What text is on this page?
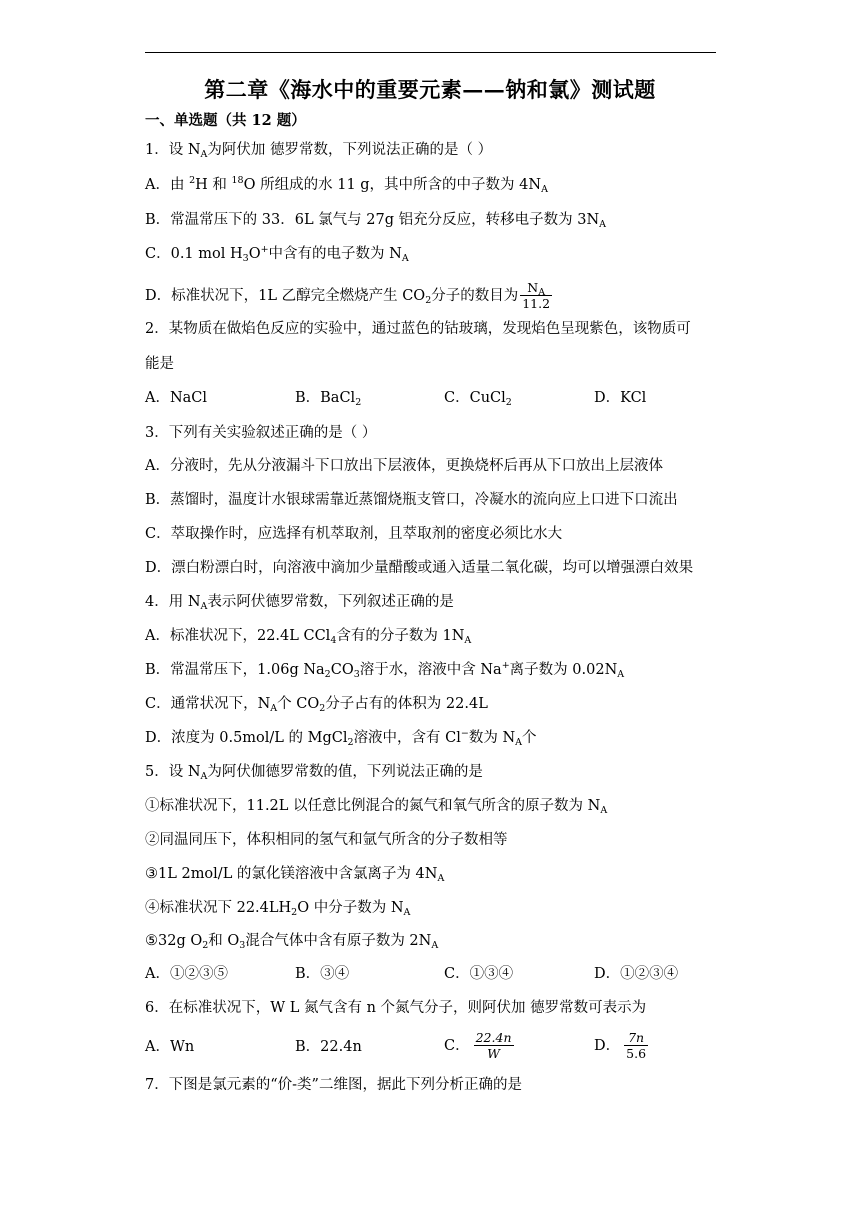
第二章《海水中的重要元素——钠和氯》测试题
一、单选题（共 12 题）
1．设 $N_A$为阿伏加 德罗常数，下列说法正确的是（ ）
A．由 $^2$H 和 $^{18}$O 所组成的水 11 g，其中所含的中子数为 $4N_A$
B．常温常压下的 33．6L 氯气与 27g 铝充分反应，转移电子数为 $3N_A$
C．0.1 mol $H_3O^+$中含有的电子数为 $N_A$
D．标准状况下，1L 乙醇完全燃烧产生 $CO_2$分子的数目为 $\frac{N_A}{11.2}$
2．某物质在做焰色反应的实验中，通过蓝色的钴玻璃，发现焰色呈现紫色，该物质可
能是
A．NaCl	B．BaCl$_2$	C．CuCl$_2$	D．KCl
3．下列有关实验叙述正确的是（ ）
A．分液时，先从分液漏斗下口放出下层液体，更换烧杯后再从下口放出上层液体
B．蒸馏时，温度计水银球需靠近蒸馏烧瓶支管口，冷凝水的流向应上口进下口流出
C．萃取操作时，应选择有机萃取剂，且萃取剂的密度必须比水大
D．漂白粉漂白时，向溶液中滴加少量醋酸或通入适量二氧化碳，均可以增强漂白效果
4．用 $N_A$表示阿伏德罗常数，下列叙述正确的是
A．标准状况下，22.4L CCl$_4$含有的分子数为 $1N_A$
B．常温常压下，1.06g $Na_2CO_3$溶于水，溶液中含 Na+离子数为 $0.02N_A$
C．通常状况下，$N_A$个 $CO_2$分子占有的体积为 22.4L
D．浓度为 0.5mol/L 的 MgCl$_2$溶液中，含有 Cl−数为 $N_A$个
5．设 $N_A$为阿伏伽德罗常数的值，下列说法正确的是
①标准状况下，11.2L 以任意比例混合的氮气和氧气所含的原子数为 $N_A$
②同温同压下，体积相同的氢气和氩气所含的分子数相等
③1L 2mol/L 的氯化镁溶液中含氯离子为 $4N_A$
④标准状况下 $22.4LH_2O$ 中分子数为 $N_A$
⑤32g $O_2$和 $O_3$混合气体中含有原子数为 $2N_A$
A．①②③⑤	B．③④	C．①③④	D．①②③④
6．在标准状况下，W L 氮气含有 n 个氮气分子，则阿伏加 德罗常数可表示为
A．Wn	B．22.4n	C． $\frac{22.4n}{W}$	D． $\frac{7n}{5.6}$
7．下图是氯元素的“价-类”二维图，据此下列分析正确的是
